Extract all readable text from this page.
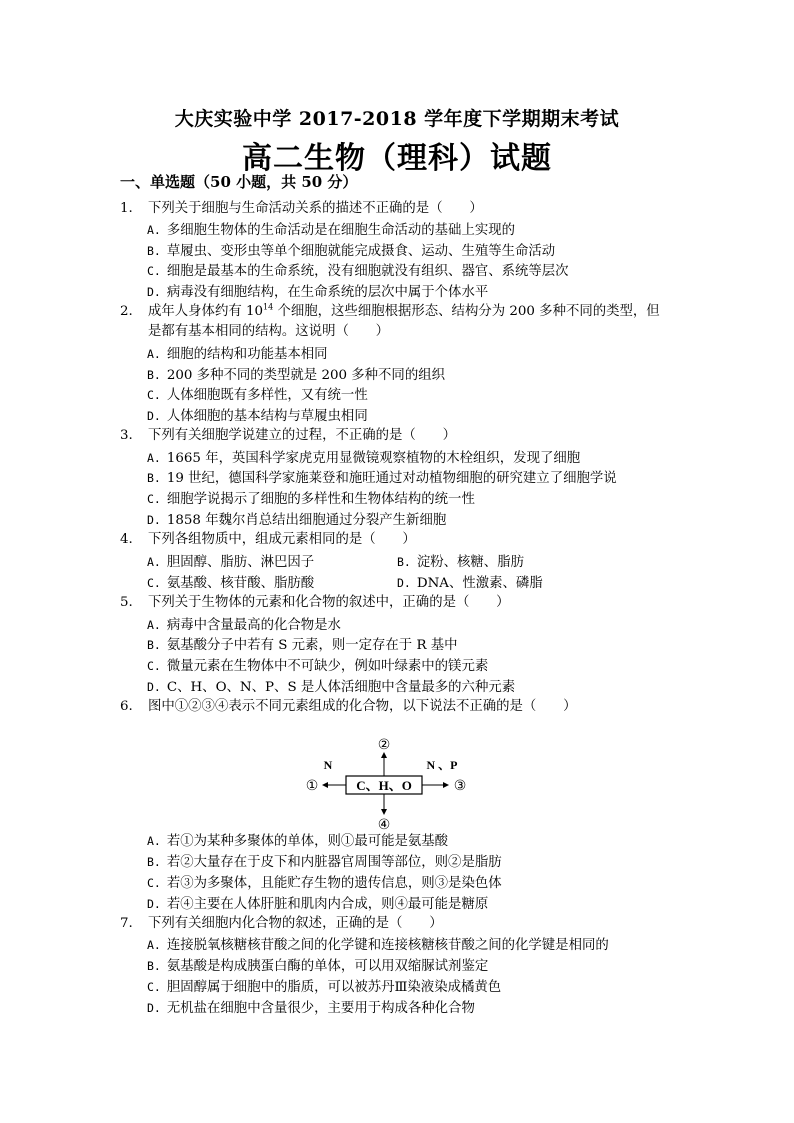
大庆实验中学 2017-2018 学年度下学期期末考试
高二生物（理科）试题
一、单选题（50 小题，共 50 分）
1.	下列关于细胞与生命活动关系的描述不正确的是（　　）
A. 多细胞生物体的生命活动是在细胞生命活动的基础上实现的
B. 草履虫、变形虫等单个细胞就能完成摄食、运动、生殖等生命活动
C. 细胞是最基本的生命系统，没有细胞就没有组织、器官、系统等层次
D. 病毒没有细胞结构，在生命系统的层次中属于个体水平
2.	成年人身体约有 $10^{14}$ 个细胞，这些细胞根据形态、结构分为 200 多种不同的类型，但
是都有基本相同的结构。这说明（　　）
A. 细胞的结构和功能基本相同
B. 200 多种不同的类型就是 200 多种不同的组织
C. 人体细胞既有多样性，又有统一性
D. 人体细胞的基本结构与草履虫相同
3.	下列有关细胞学说建立的过程，不正确的是（　　）
A. 1665 年，英国科学家虎克用显微镜观察植物的木栓组织，发现了细胞
B. 19 世纪，德国科学家施莱登和施旺通过对动植物细胞的研究建立了细胞学说
C. 细胞学说揭示了细胞的多样性和生物体结构的统一性
D. 1858 年魏尔肖总结出细胞通过分裂产生新细胞
4.	下列各组物质中，组成元素相同的是（　　）
A. 胆固醇、脂肪、淋巴因子	B. 淀粉、核糖、脂肪
C. 氨基酸、核苷酸、脂肪酸	D. DNA、性激素、磷脂
5.	下列关于生物体的元素和化合物的叙述中，正确的是（　　）
A. 病毒中含量最高的化合物是水
B. 氨基酸分子中若有 S 元素，则一定存在于 R 基中
C. 微量元素在生物体中不可缺少，例如叶绿素中的镁元素
D. C、H、O、N、P、S 是人体活细胞中含量最多的六种元素
6.	图中①②③④表示不同元素组成的化合物，以下说法不正确的是（　　）
C、H、O
②
④
①	③
N	N 、P
A. 若①为某种多聚体的单体，则①最可能是氨基酸
B. 若②大量存在于皮下和内脏器官周围等部位，则②是脂肪
C. 若③为多聚体，且能贮存生物的遗传信息，则③是染色体
D. 若④主要在人体肝脏和肌肉内合成，则④最可能是糖原
7.	下列有关细胞内化合物的叙述，正确的是（　　）
A. 连接脱氧核糖核苷酸之间的化学键和连接核糖核苷酸之间的化学键是相同的
B. 氨基酸是构成胰蛋白酶的单体，可以用双缩脲试剂鉴定
C. 胆固醇属于细胞中的脂质，可以被苏丹Ⅲ染液染成橘黄色
D. 无机盐在细胞中含量很少，主要用于构成各种化合物
